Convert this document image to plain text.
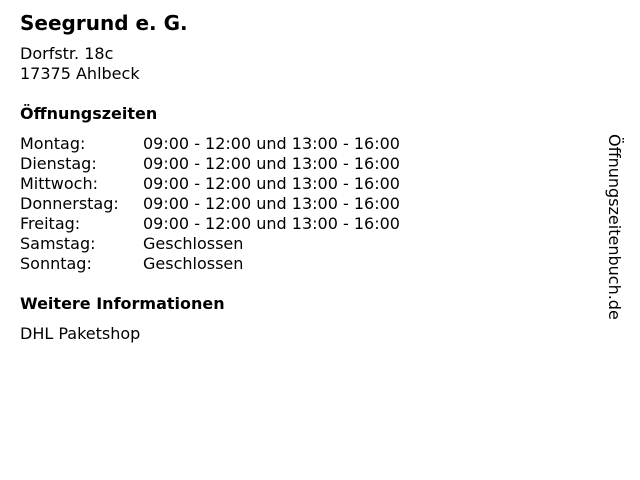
Seegrund e. G.
Dorfstr. 18c
17375 Ahlbeck
Öffnungszeiten
Montag:	09:00 - 12:00 und 13:00 - 16:00
Dienstag:	09:00 - 12:00 und 13:00 - 16:00
Mittwoch:	09:00 - 12:00 und 13:00 - 16:00
Donnerstag:	09:00 - 12:00 und 13:00 - 16:00
Freitag:	09:00 - 12:00 und 13:00 - 16:00
Samstag:	Geschlossen
Sonntag:	Geschlossen
Weitere Informationen
DHL Paketshop
Öffnungszeitenbuch.de
